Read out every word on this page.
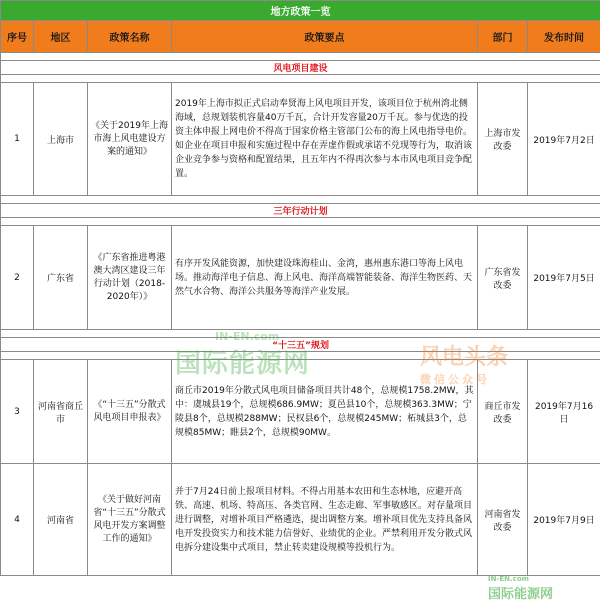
地方政策一览					
序号	地区	政策名称	政策要点	部门	发布时间

风电项目建设					

1	上海市	《关于2019年上海市海上风电建设方案的通知》	2019年上海市拟正式启动奉贤海上风电项目开发，该项目位于杭州湾北侧海域，总规划装机容量40万千瓦，合计开发容量20万千瓦。参与优选的投资主体申报上网电价不得高于国家价格主管部门公布的海上风电指导电价。如企业在项目申报和实施过程中存在弄虚作假或承诺不兑现等行为，取消该企业竞争参与资格和配置结果，且五年内不得再次参与本市风电项目竞争配置。	上海市发改委	2019年7月2日

三年行动计划					

2	广东省	《广东省推进粤港澳大湾区建设三年行动计划（2018-2020年）》	有序开发风能资源，加快建设珠海桂山、金湾，惠州惠东港口等海上风电场。推动海洋电子信息、海上风电、海洋高端智能装备、海洋生物医药、天然气水合物、海洋公共服务等海洋产业发展。	广东省发改委	2019年7月5日

“十三五”规划					

3	河南省商丘市	《“十三五”分散式风电项目申报表》	商丘市2019年分散式风电项目储备项目共计48个，总规模1758.2MW，其中：虞城县19个，总规模686.9MW；夏邑县10个，总规模363.3MW；宁陵县8个，总规模288MW；民权县6个，总规模245MW；柘城县3个，总规模85MW；睢县2个，总规模90MW。	商丘市发改委	2019年7月16日
4	河南省	《关于做好河南省“十三五”分散式风电开发方案调整工作的通知》	并于7月24日前上报项目材料。不得占用基本农田和生态林地，应避开高铁、高速、机场、特高压、各类官网、生态走廊、军事敏感区。对存量项目进行调整，对增补项目严格遴选，提出调整方案。增补项目优先支持具备风电开发投资实力和技术能力信誉好、业绩优的企业。严禁利用开发分散式风电拆分建设集中式项目，禁止转卖建设规模等投机行为。	河南省发改委	2019年7月9日
IN-EN.com
国际能源网	风电头条
微信公众号
IN-EN.com
国际能源网
